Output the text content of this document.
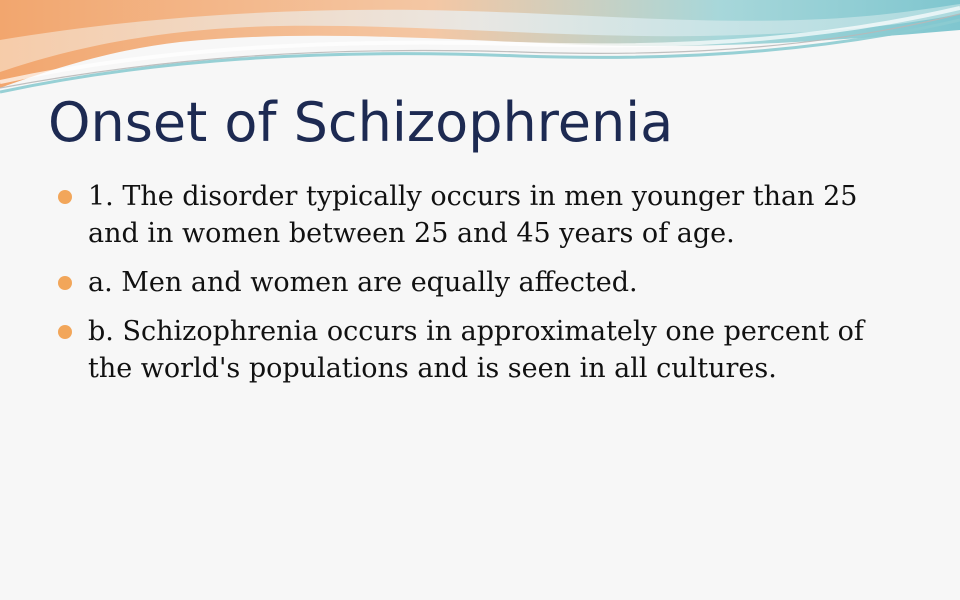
Onset of Schizophrenia
1. The disorder typically occurs in men younger than 25 and in women between 25 and 45 years of age.
a. Men and women are equally affected.
b. Schizophrenia occurs in approximately one percent of the world's populations and is seen in all cultures.
